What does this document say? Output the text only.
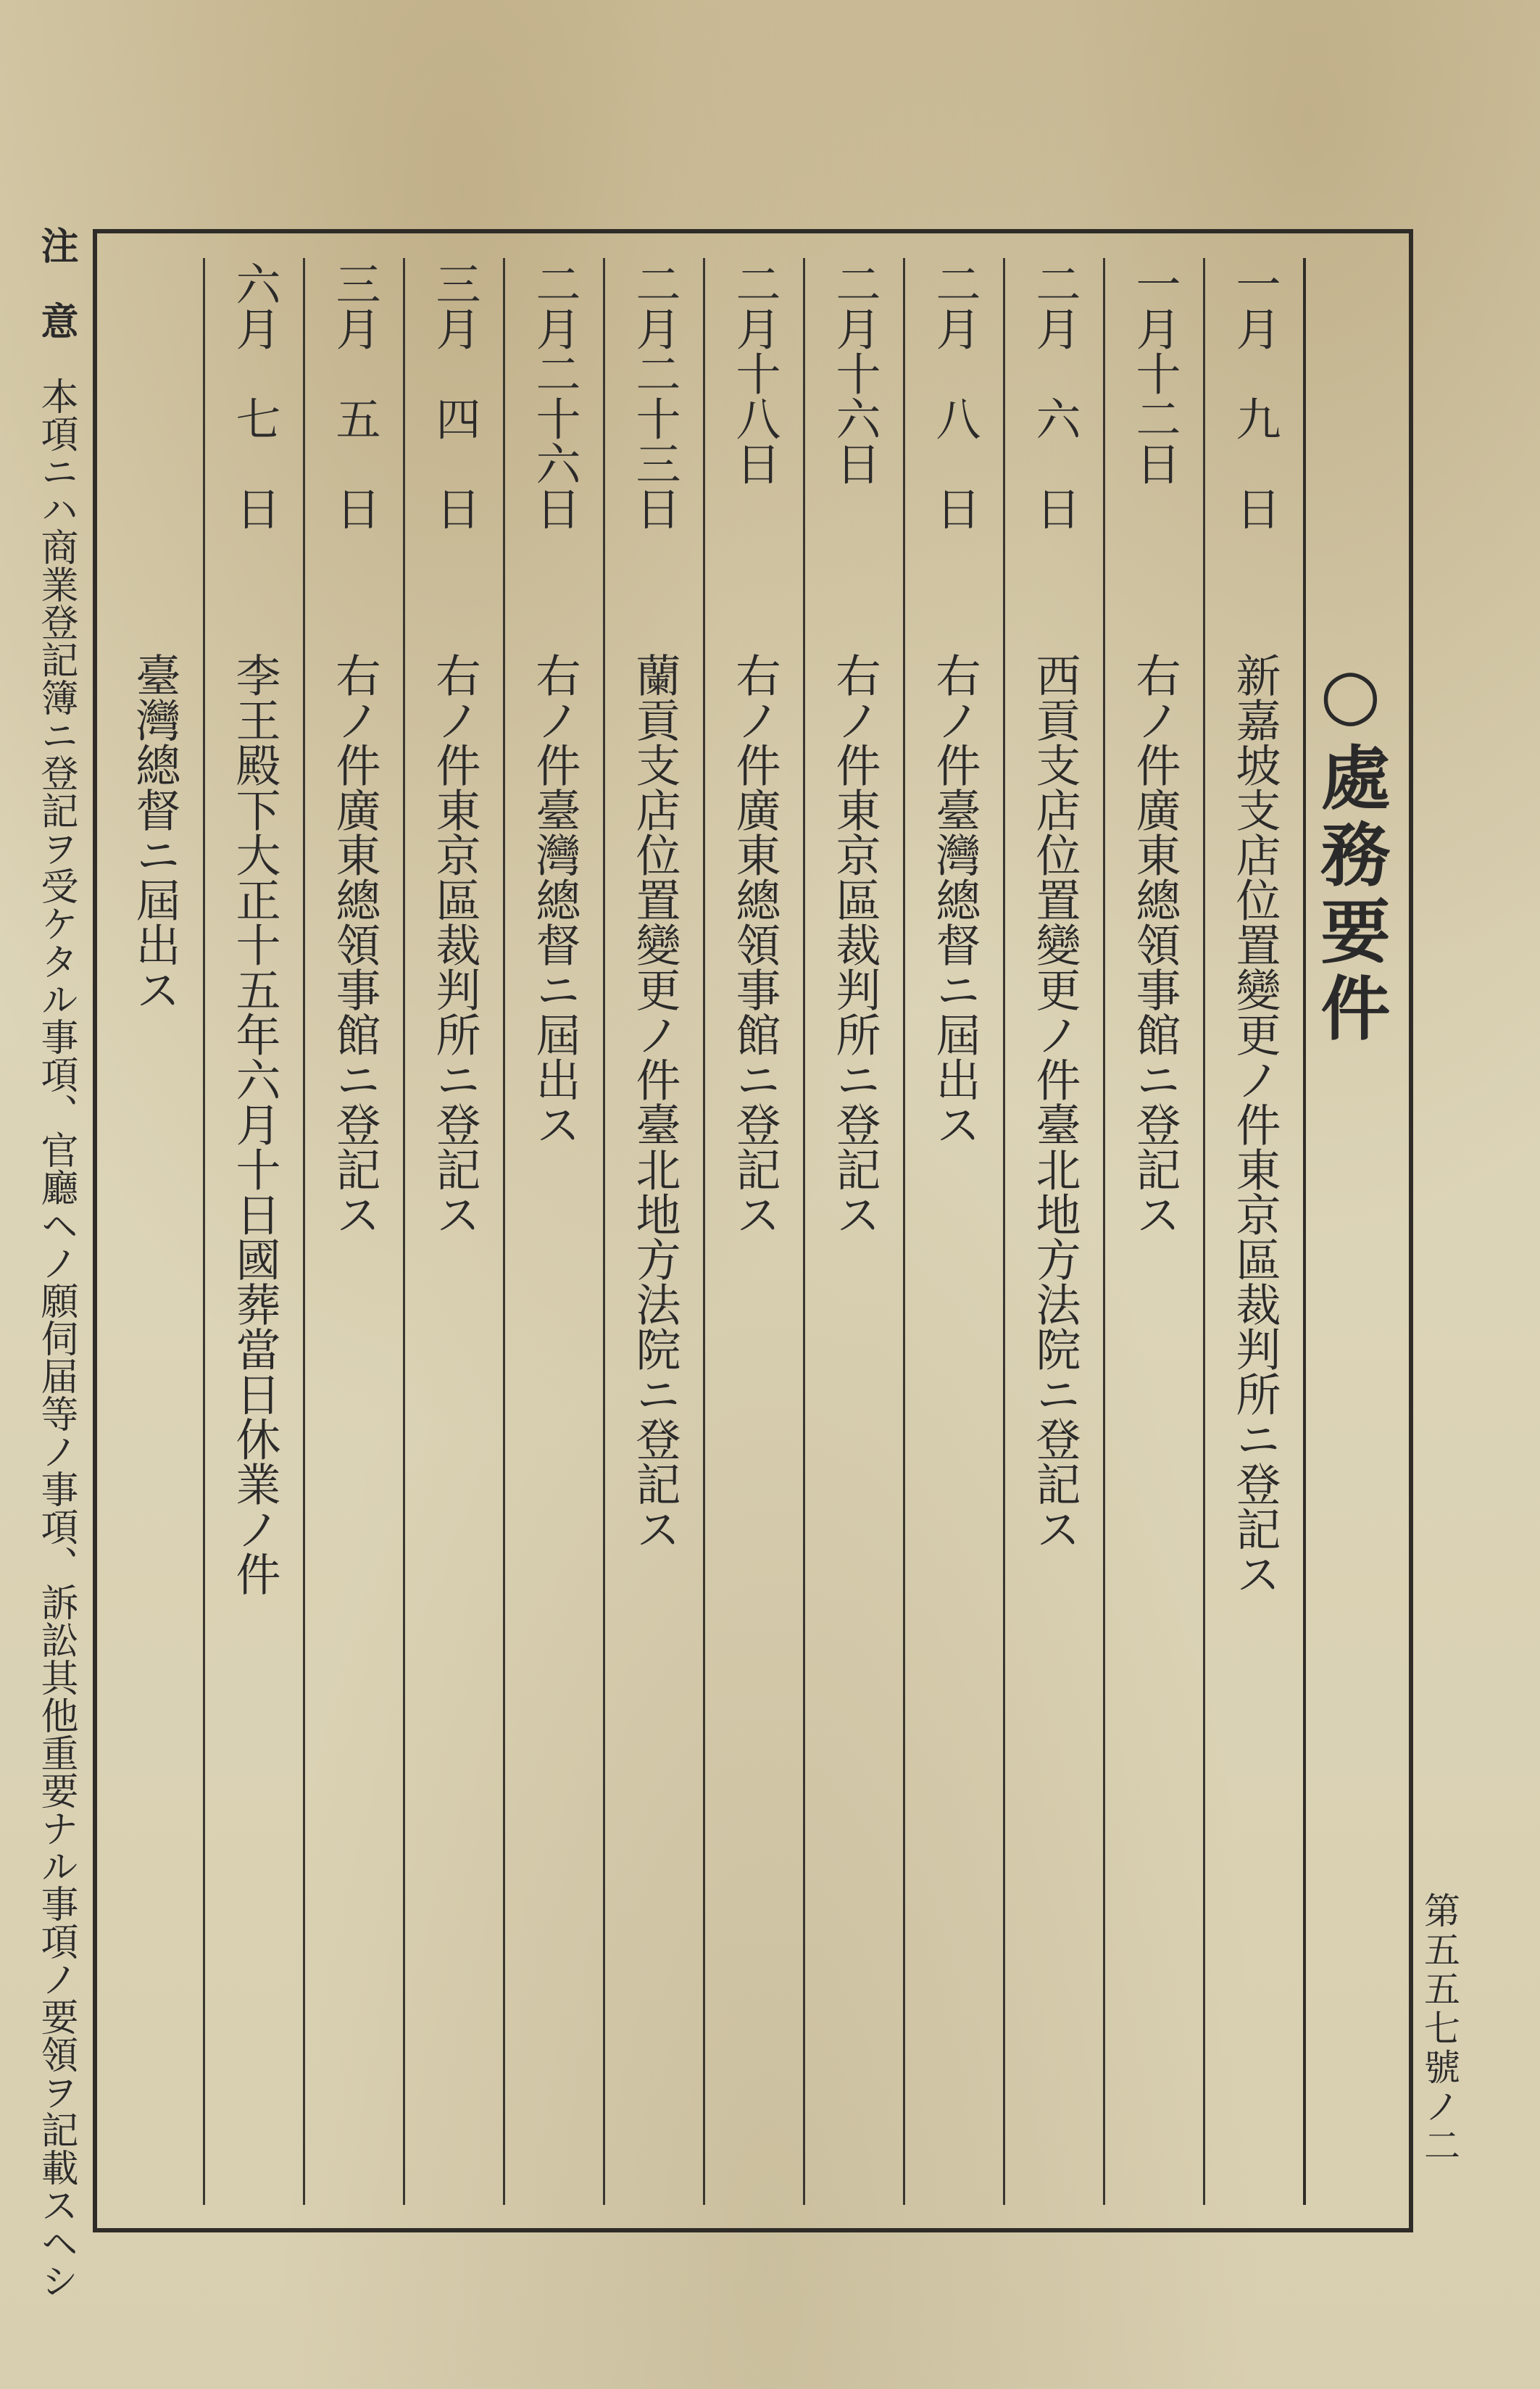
○處務要件
一月　九　日
新嘉坡支店位置變更ノ件東京區裁判所ニ登記ス
一月十二日
右ノ件廣東總領事館ニ登記ス
二月　六　日
西貢支店位置變更ノ件臺北地方法院ニ登記ス
二月　八　日
右ノ件臺灣總督ニ屆出ス
二月十六日
右ノ件東京區裁判所ニ登記ス
二月十八日
右ノ件廣東總領事館ニ登記ス
二月二十三日
蘭貢支店位置變更ノ件臺北地方法院ニ登記ス
二月二十六日
右ノ件臺灣總督ニ屆出ス
三月　四　日
右ノ件東京區裁判所ニ登記ス
三月　五　日
右ノ件廣東總領事館ニ登記ス
六月　七　日
李王殿下大正十五年六月十日國葬當日休業ノ件
臺灣總督ニ屆出ス
第五五七號ノ二
注　意　本項ニハ商業登記簿ニ登記ヲ受ケタル事項、官廳ヘノ願伺届等ノ事項、訴訟其他重要ナル事項ノ要領ヲ記載スヘシ
